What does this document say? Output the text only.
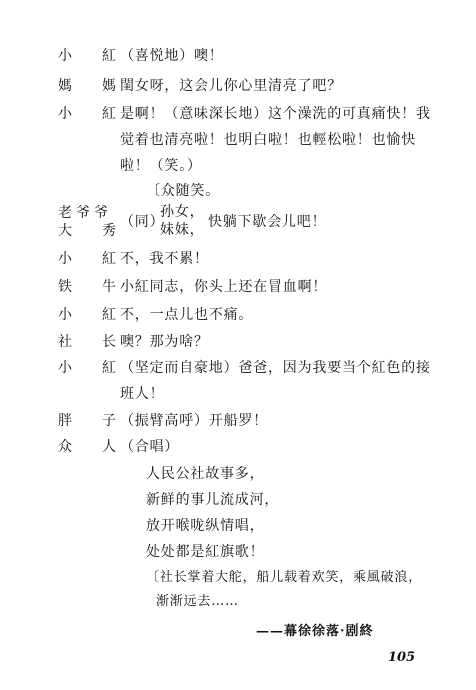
小　紅
（喜悦地）噢！
媽　媽
閨女呀，这会儿你心里清亮了吧？
小　紅
是啊！（意味深长地）这个澡洗的可真痛快！我
觉着也清亮啦！也明白啦！也輕松啦！也愉快
啦！（笑。）
〔众随笑。
老爷爷
大　秀
（同）
孙女，
妹妹， 快躺下歇会儿吧！
小　紅
不，我不累！
铁　牛
小紅同志，你头上还在冒血啊！
小　紅
不，一点儿也不痛。
社　长
噢？那为啥？
小　紅
（坚定而自豪地）爸爸，因为我要当个紅色的接
班人！
胖　子
（振臂高呼）开船罗！
众　人
（合唱）
人民公社故事多，
新鲜的事儿流成河，
放开喉咙纵情唱，
处处都是紅旗歌！
〔社长掌着大舵，船儿载着欢笑，乘風破浪，
渐渐远去……
——幕徐徐落·剧終
105
